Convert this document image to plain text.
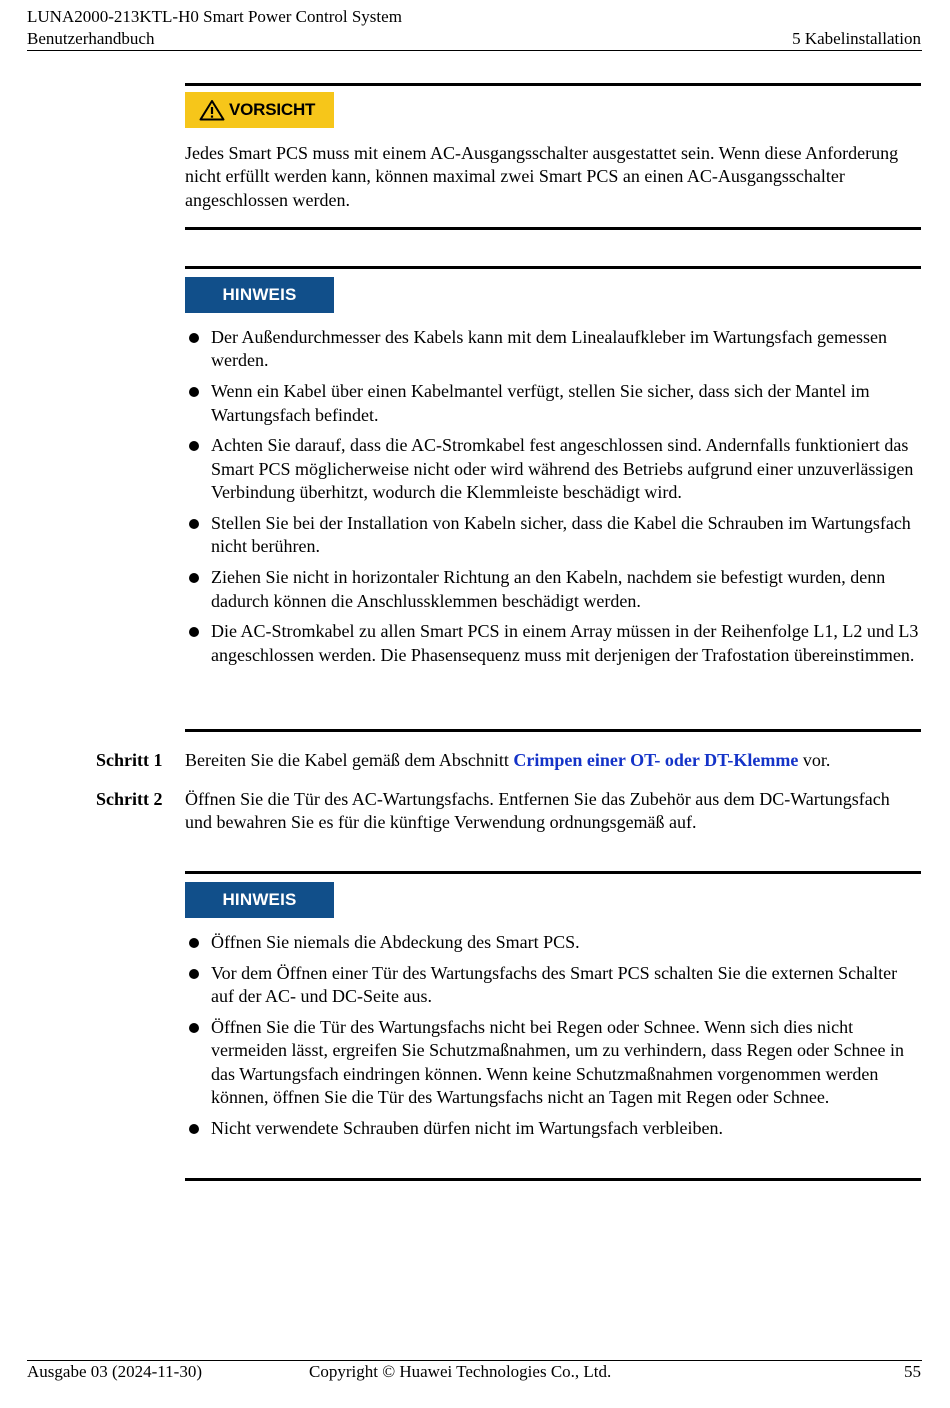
LUNA2000-213KTL-H0 Smart Power Control System
Benutzerhandbuch	5 Kabelinstallation
VORSICHT
Jedes Smart PCS muss mit einem AC-Ausgangsschalter ausgestattet sein. Wenn diese Anforderung nicht erfüllt werden kann, können maximal zwei Smart PCS an einen AC-Ausgangsschalter angeschlossen werden.
HINWEIS
Der Außendurchmesser des Kabels kann mit dem Linealaufkleber im Wartungsfach gemessen werden.
Wenn ein Kabel über einen Kabelmantel verfügt, stellen Sie sicher, dass sich der Mantel im Wartungsfach befindet.
Achten Sie darauf, dass die AC-Stromkabel fest angeschlossen sind. Andernfalls funktioniert das Smart PCS möglicherweise nicht oder wird während des Betriebs aufgrund einer unzuverlässigen Verbindung überhitzt, wodurch die Klemmleiste beschädigt wird.
Stellen Sie bei der Installation von Kabeln sicher, dass die Kabel die Schrauben im Wartungsfach nicht berühren.
Ziehen Sie nicht in horizontaler Richtung an den Kabeln, nachdem sie befestigt wurden, denn dadurch können die Anschlussklemmen beschädigt werden.
Die AC-Stromkabel zu allen Smart PCS in einem Array müssen in der Reihenfolge L1, L2 und L3 angeschlossen werden. Die Phasensequenz muss mit derjenigen der Trafostation übereinstimmen.
Schritt 1 Bereiten Sie die Kabel gemäß dem Abschnitt Crimpen einer OT- oder DT-Klemme vor.
Schritt 2 Öffnen Sie die Tür des AC-Wartungsfachs. Entfernen Sie das Zubehör aus dem DC-Wartungsfach und bewahren Sie es für die künftige Verwendung ordnungsgemäß auf.
HINWEIS
Öffnen Sie niemals die Abdeckung des Smart PCS.
Vor dem Öffnen einer Tür des Wartungsfachs des Smart PCS schalten Sie die externen Schalter auf der AC- und DC-Seite aus.
Öffnen Sie die Tür des Wartungsfachs nicht bei Regen oder Schnee. Wenn sich dies nicht vermeiden lässt, ergreifen Sie Schutzmaßnahmen, um zu verhindern, dass Regen oder Schnee in das Wartungsfach eindringen können. Wenn keine Schutzmaßnahmen vorgenommen werden können, öffnen Sie die Tür des Wartungsfachs nicht an Tagen mit Regen oder Schnee.
Nicht verwendete Schrauben dürfen nicht im Wartungsfach verbleiben.
Ausgabe 03 (2024-11-30)	Copyright © Huawei Technologies Co., Ltd.	55
